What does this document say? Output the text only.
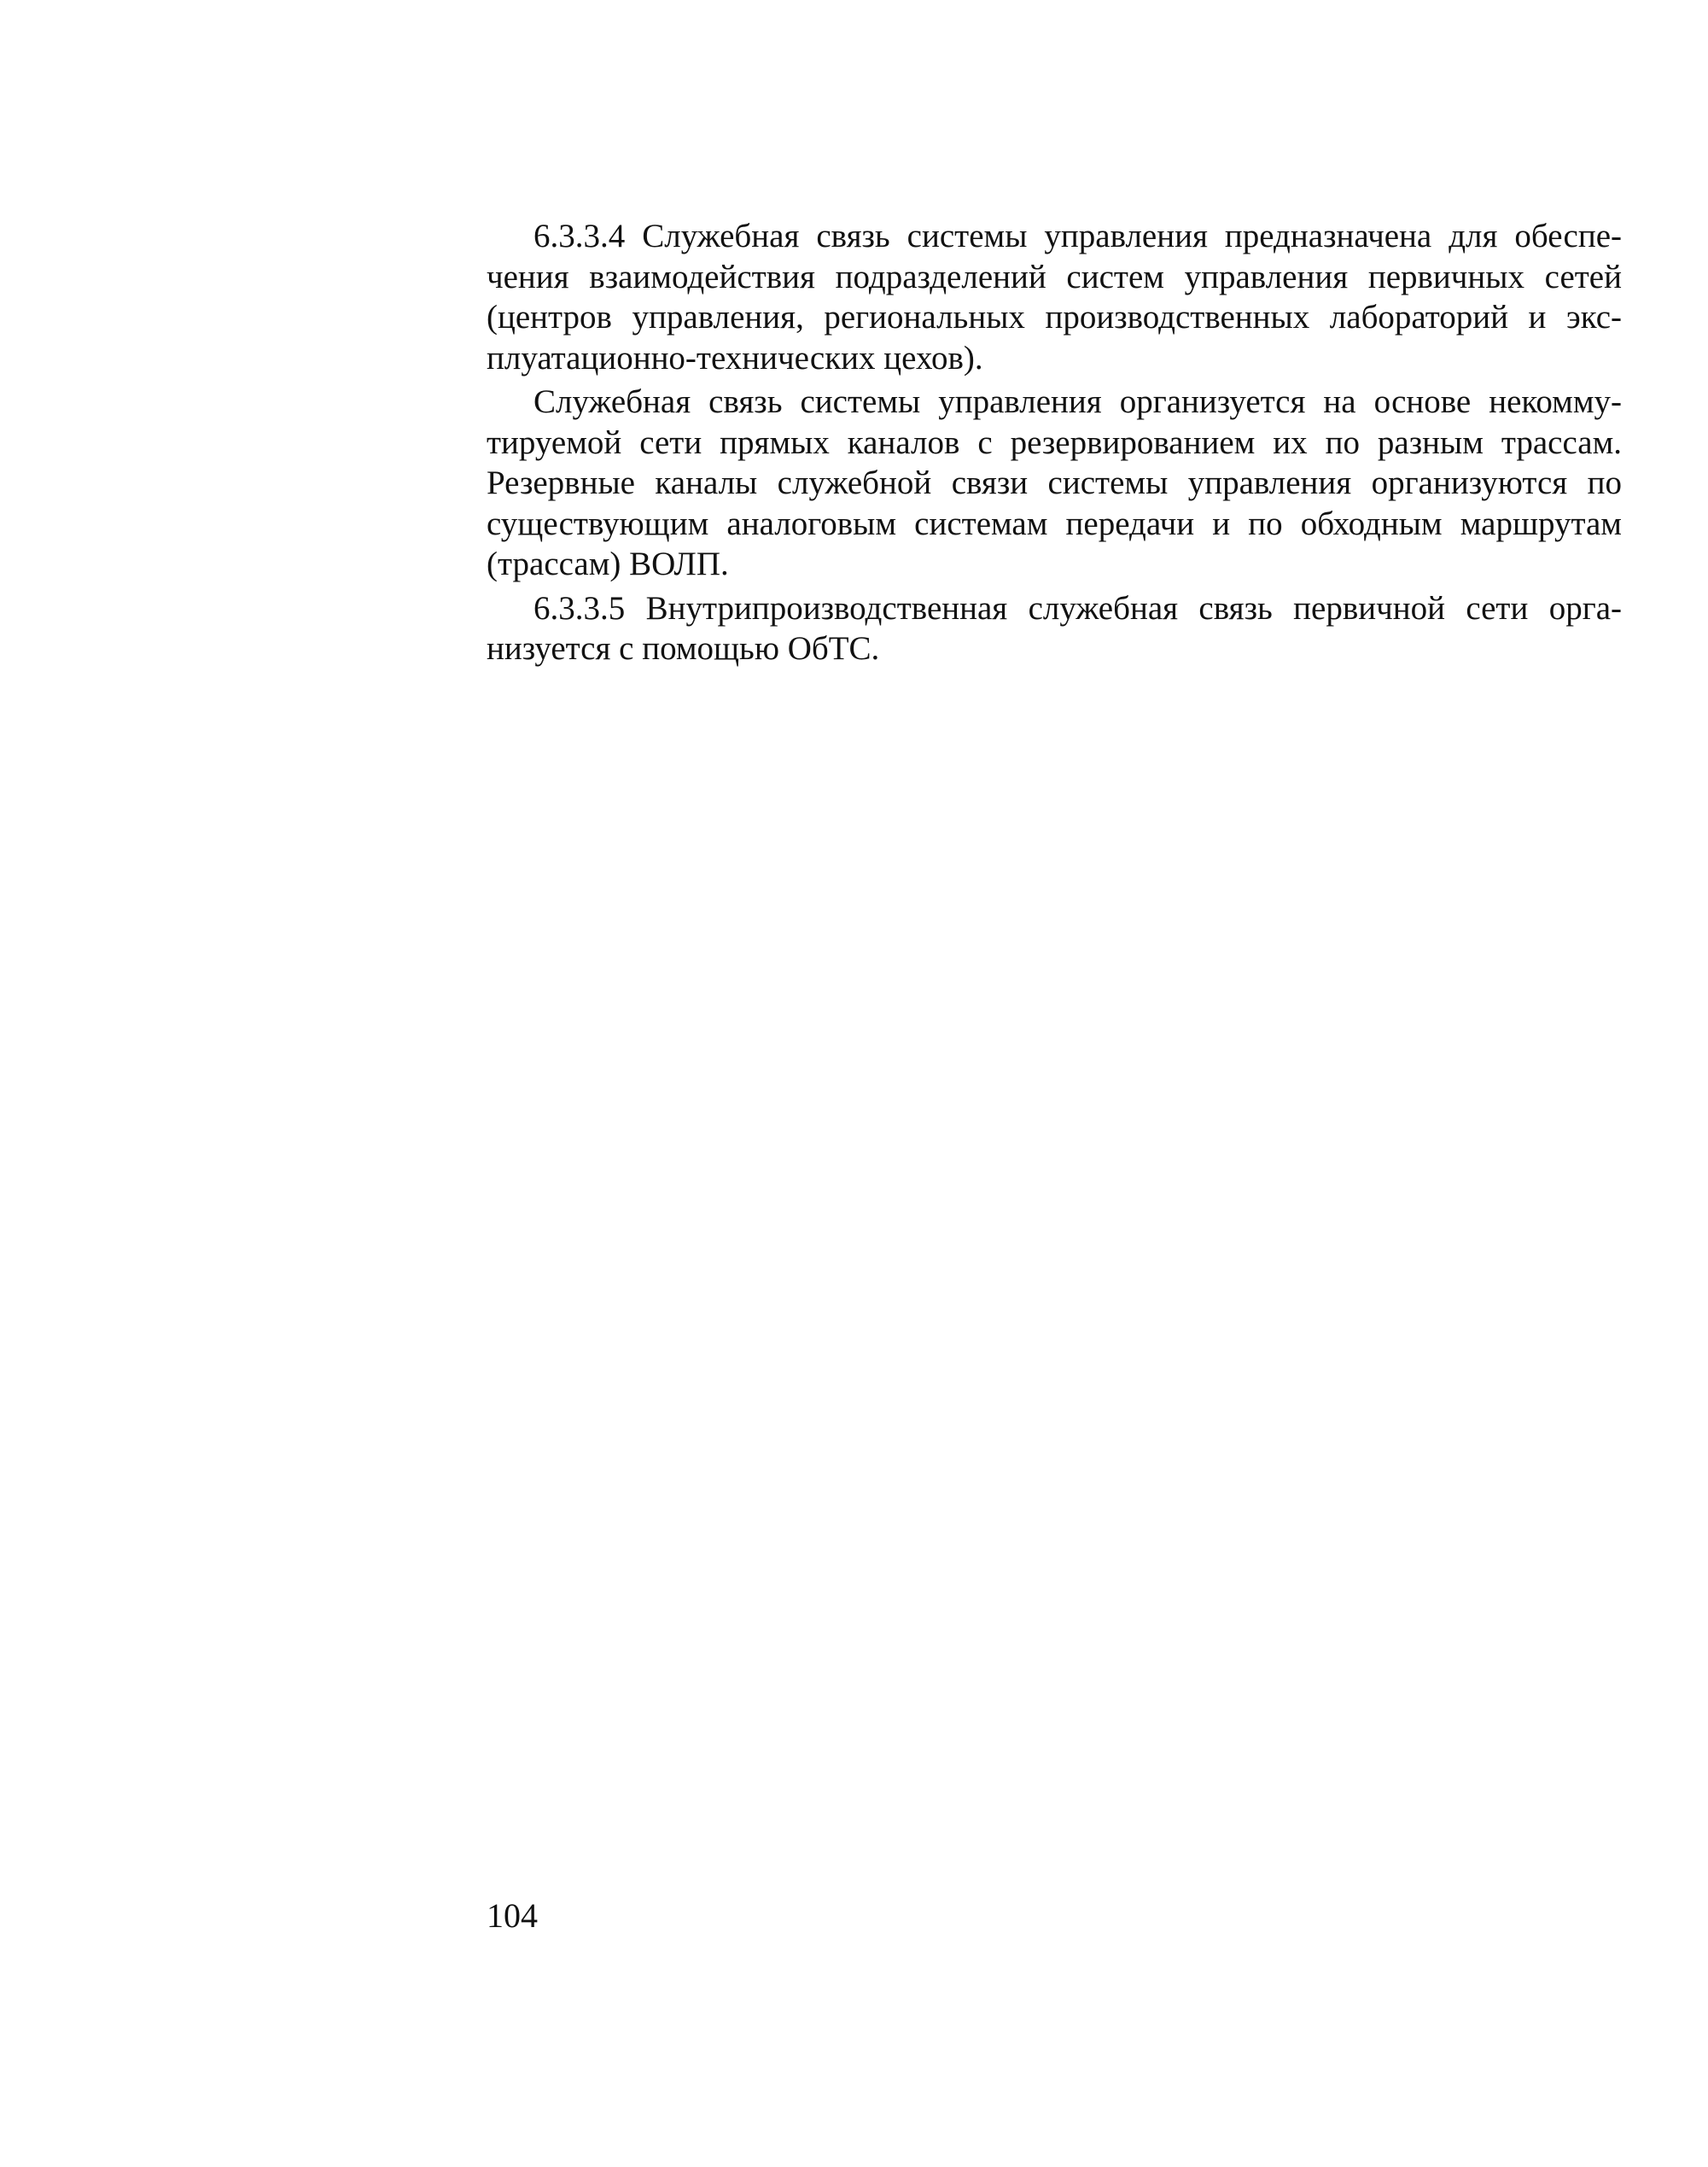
6.3.3.4 Служебная связь системы управления предназначена для обеспе-
чения взаимодействия подразделений систем управления первичных сетей
(центров управления, региональных производственных лабораторий и экс-
плуатационно-технических цехов).

Служебная связь системы управления организуется на основе некомму-
тируемой сети прямых каналов с резервированием их по разным трассам.
Резервные каналы служебной связи системы управления организуются по
существующим аналоговым системам передачи и по обходным маршрутам
(трассам) ВОЛП.

6.3.3.5 Внутрипроизводственная служебная связь первичной сети орга-
низуется с помощью ОбТС.

104
